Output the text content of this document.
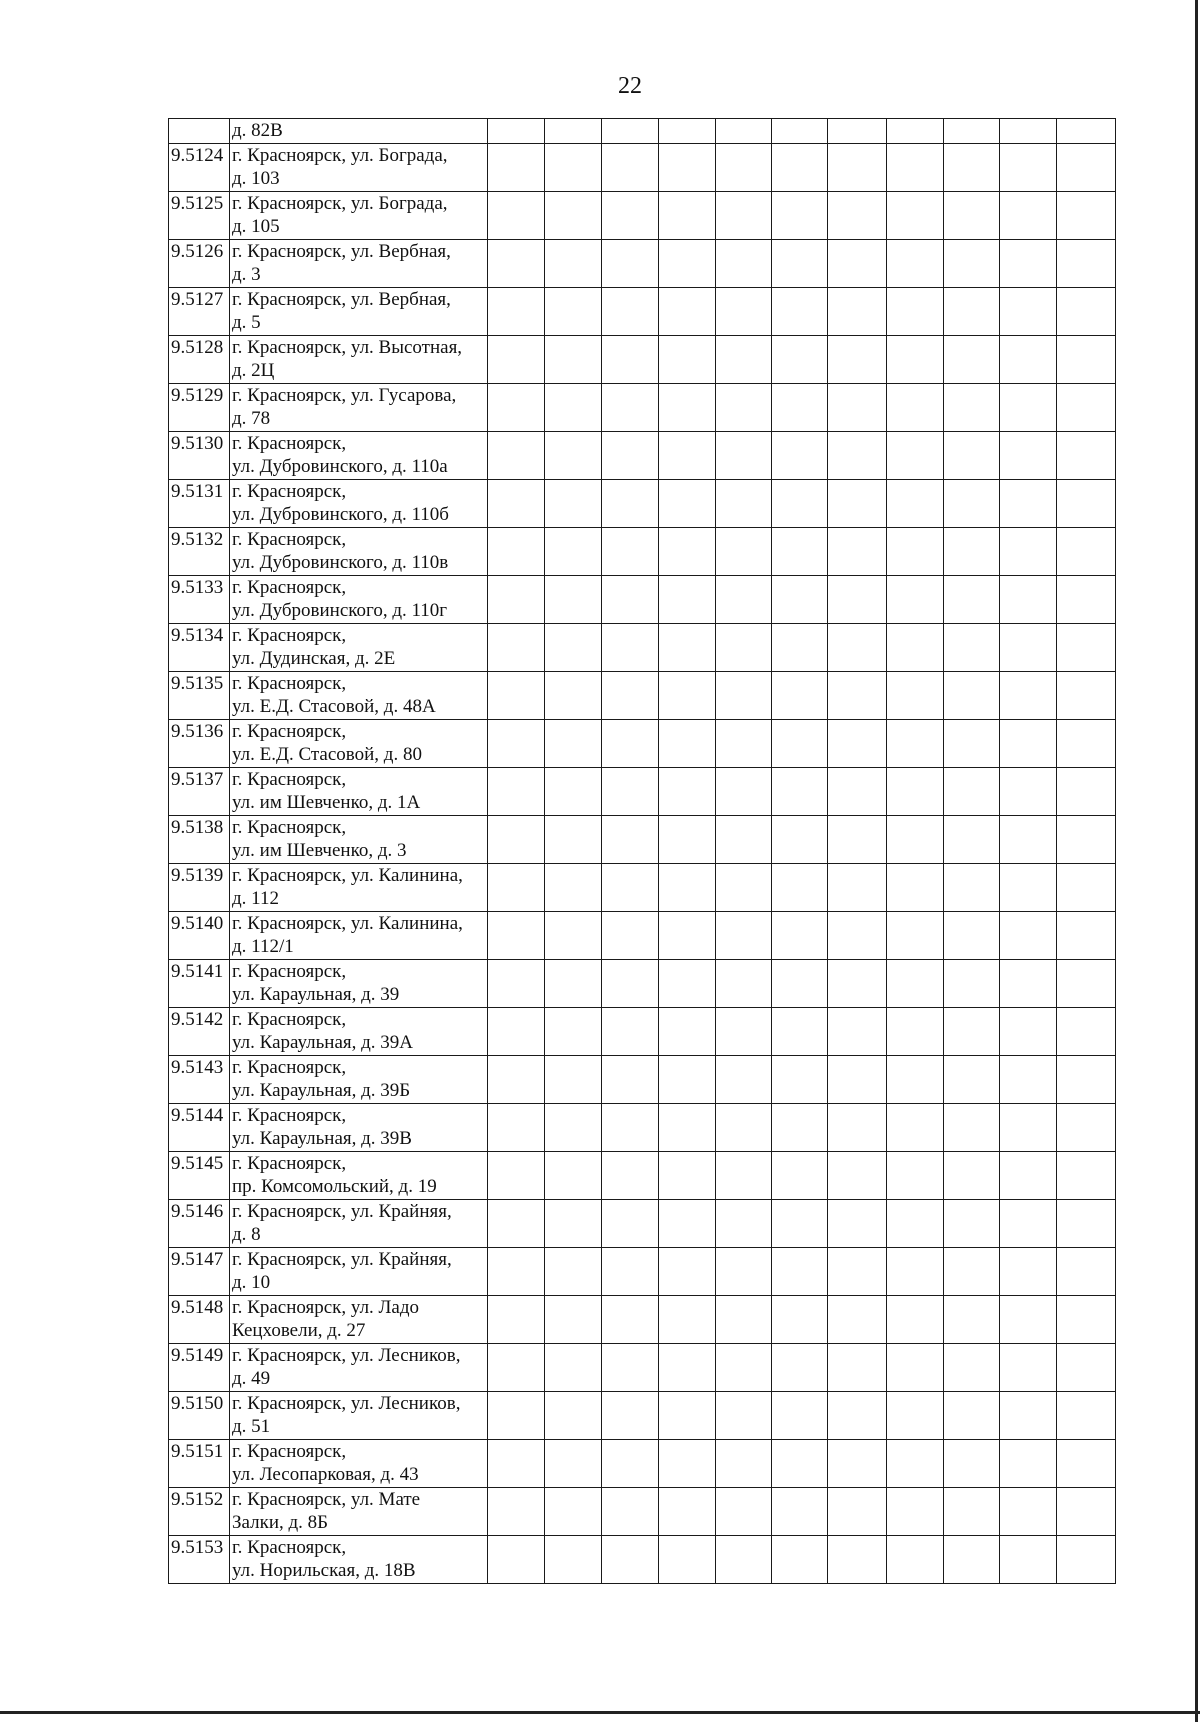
22

	д. 82В											

9.5124	г. Красноярск, ул. Бограда,
д. 103											

9.5125	г. Красноярск, ул. Бограда,
д. 105											

9.5126	г. Красноярск, ул. Вербная,
д. 3											

9.5127	г. Красноярск, ул. Вербная,
д. 5											

9.5128	г. Красноярск, ул. Высотная,
д. 2Ц											

9.5129	г. Красноярск, ул. Гусарова,
д. 78											

9.5130	г. Красноярск,
ул. Дубровинского, д. 110а											

9.5131	г. Красноярск,
ул. Дубровинского, д. 110б											

9.5132	г. Красноярск,
ул. Дубровинского, д. 110в											

9.5133	г. Красноярск,
ул. Дубровинского, д. 110г											

9.5134	г. Красноярск,
ул. Дудинская, д. 2Е											

9.5135	г. Красноярск,
ул. Е.Д. Стасовой, д. 48А											

9.5136	г. Красноярск,
ул. Е.Д. Стасовой, д. 80											

9.5137	г. Красноярск,
ул. им Шевченко, д. 1А											

9.5138	г. Красноярск,
ул. им Шевченко, д. 3											

9.5139	г. Красноярск, ул. Калинина,
д. 112											

9.5140	г. Красноярск, ул. Калинина,
д. 112/1											

9.5141	г. Красноярск,
ул. Караульная, д. 39											

9.5142	г. Красноярск,
ул. Караульная, д. 39А											

9.5143	г. Красноярск,
ул. Караульная, д. 39Б											

9.5144	г. Красноярск,
ул. Караульная, д. 39В											

9.5145	г. Красноярск,
пр. Комсомольский, д. 19											

9.5146	г. Красноярск, ул. Крайняя,
д. 8											

9.5147	г. Красноярск, ул. Крайняя,
д. 10											

9.5148	г. Красноярск, ул. Ладо
Кецховели, д. 27											

9.5149	г. Красноярск, ул. Лесников,
д. 49											

9.5150	г. Красноярск, ул. Лесников,
д. 51											

9.5151	г. Красноярск,
ул. Лесопарковая, д. 43											

9.5152	г. Красноярск, ул. Мате
Залки, д. 8Б											

9.5153	г. Красноярск,
ул. Норильская, д. 18В											
